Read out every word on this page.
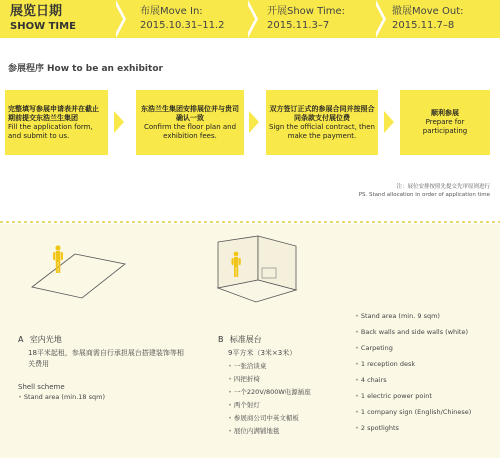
展览日期
SHOW TIME
布展Move In:
2015.10.31–11.2
开展Show Time:
2015.11.3–7
撤展Move Out:
2015.11.7–8
参展程序 How to be an exhibitor
完整填写参展申请表并在截止期前提交东浩兰生集团
Fill the application form, and submit to us.
东浩兰生集团安排展位并与贵司确认一致
Confirm the floor plan and exhibition fees.
双方签订正式的参展合同并按照合同条款支付展位费
Sign the official contract, then make the payment.
顺利参展
Prepare for participating
注：展位安排按照先提交先审原则进行
PS. Stand allocation in order of application time
A 室内光地
18平米起租，参展商需自行承担展台搭建装饰等相关费用
Shell scheme
• Stand area (min.18 sqm)
B 标准展台
9平方米（3米×3米）
• 一张洽谈桌
• 四把折椅
• 一个220V/800W电源插座
• 两个射灯
• 参展商公司中英文楣板
• 展位内满铺地毯
• Stand area (min. 9 sqm)
• Back walls and side walls (white)
• Carpeting
• 1 reception desk
• 4 chairs
• 1 electric power point
• 1 company sign (English/Chinese)
• 2 spotlights
